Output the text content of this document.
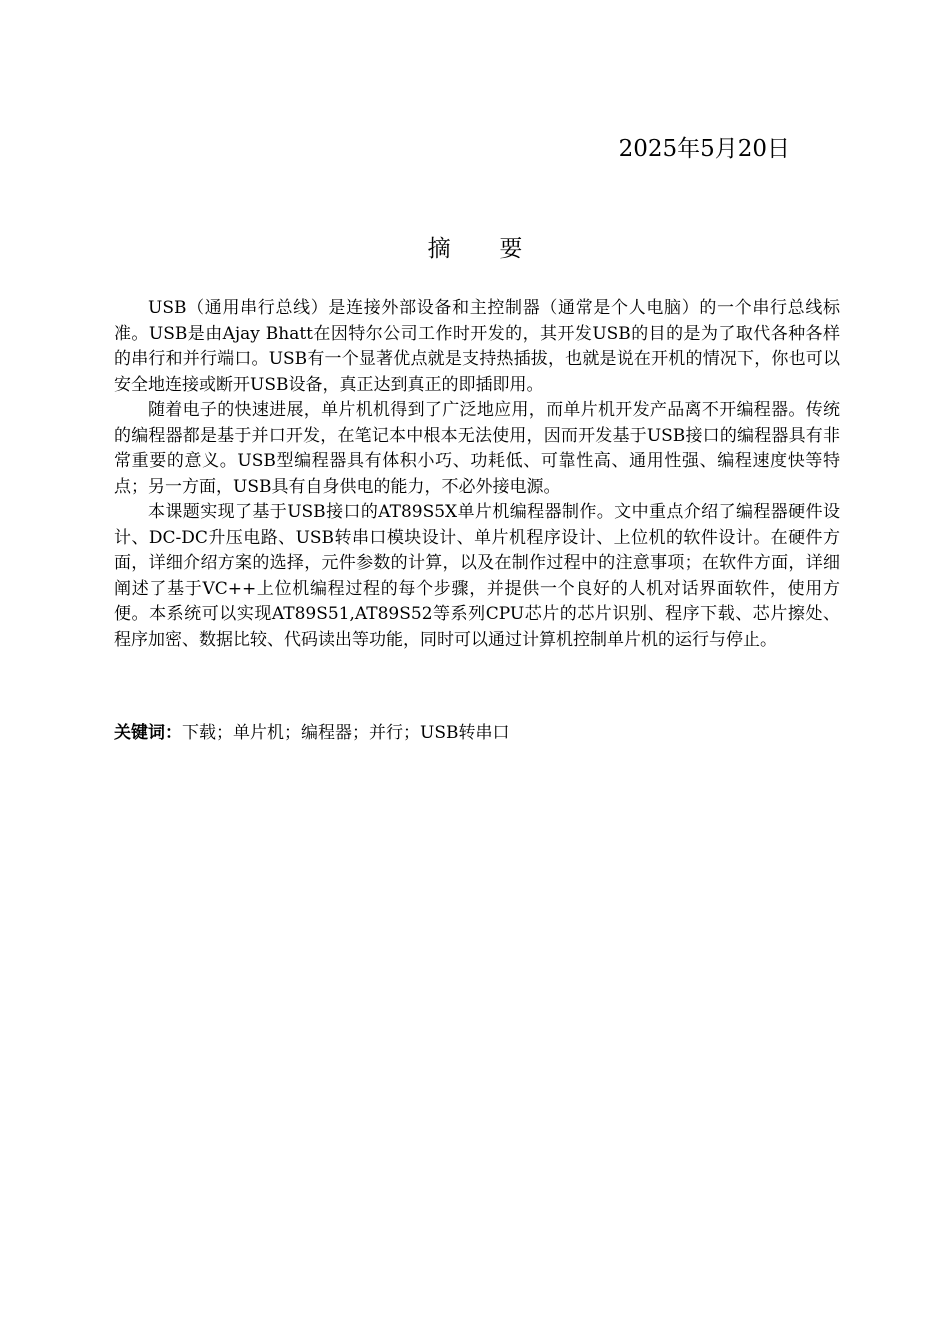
2025年5月20日
摘 要

USB（通用串行总线）是连接外部设备和主控制器（通常是个人电脑）的一个串行总线标准。USB是由Ajay Bhatt在因特尔公司工作时开发的，其开发USB的目的是为了取代各种各样的串行和并行端口。USB有一个显著优点就是支持热插拔，也就是说在开机的情况下，你也可以安全地连接或断开USB设备，真正达到真正的即插即用。

随着电子的快速进展，单片机机得到了广泛地应用，而单片机开发产品离不开编程器。传统的编程器都是基于并口开发，在笔记本中根本无法使用，因而开发基于USB接口的编程器具有非常重要的意义。USB型编程器具有体积小巧、功耗低、可靠性高、通用性强、编程速度快等特点；另一方面，USB具有自身供电的能力，不必外接电源。

本课题实现了基于USB接口的AT89S5X单片机编程器制作。文中重点介绍了编程器硬件设计、DC-DC升压电路、USB转串口模块设计、单片机程序设计、上位机的软件设计。在硬件方面，详细介绍方案的选择，元件参数的计算，以及在制作过程中的注意事项；在软件方面，详细阐述了基于VC++上位机编程过程的每个步骤，并提供一个良好的人机对话界面软件，使用方便。本系统可以实现AT89S51,AT89S52等系列CPU芯片的芯片识别、程序下载、芯片擦处、程序加密、数据比较、代码读出等功能，同时可以通过计算机控制单片机的运行与停止。

关键词：下载；单片机；编程器；并行；USB转串口
